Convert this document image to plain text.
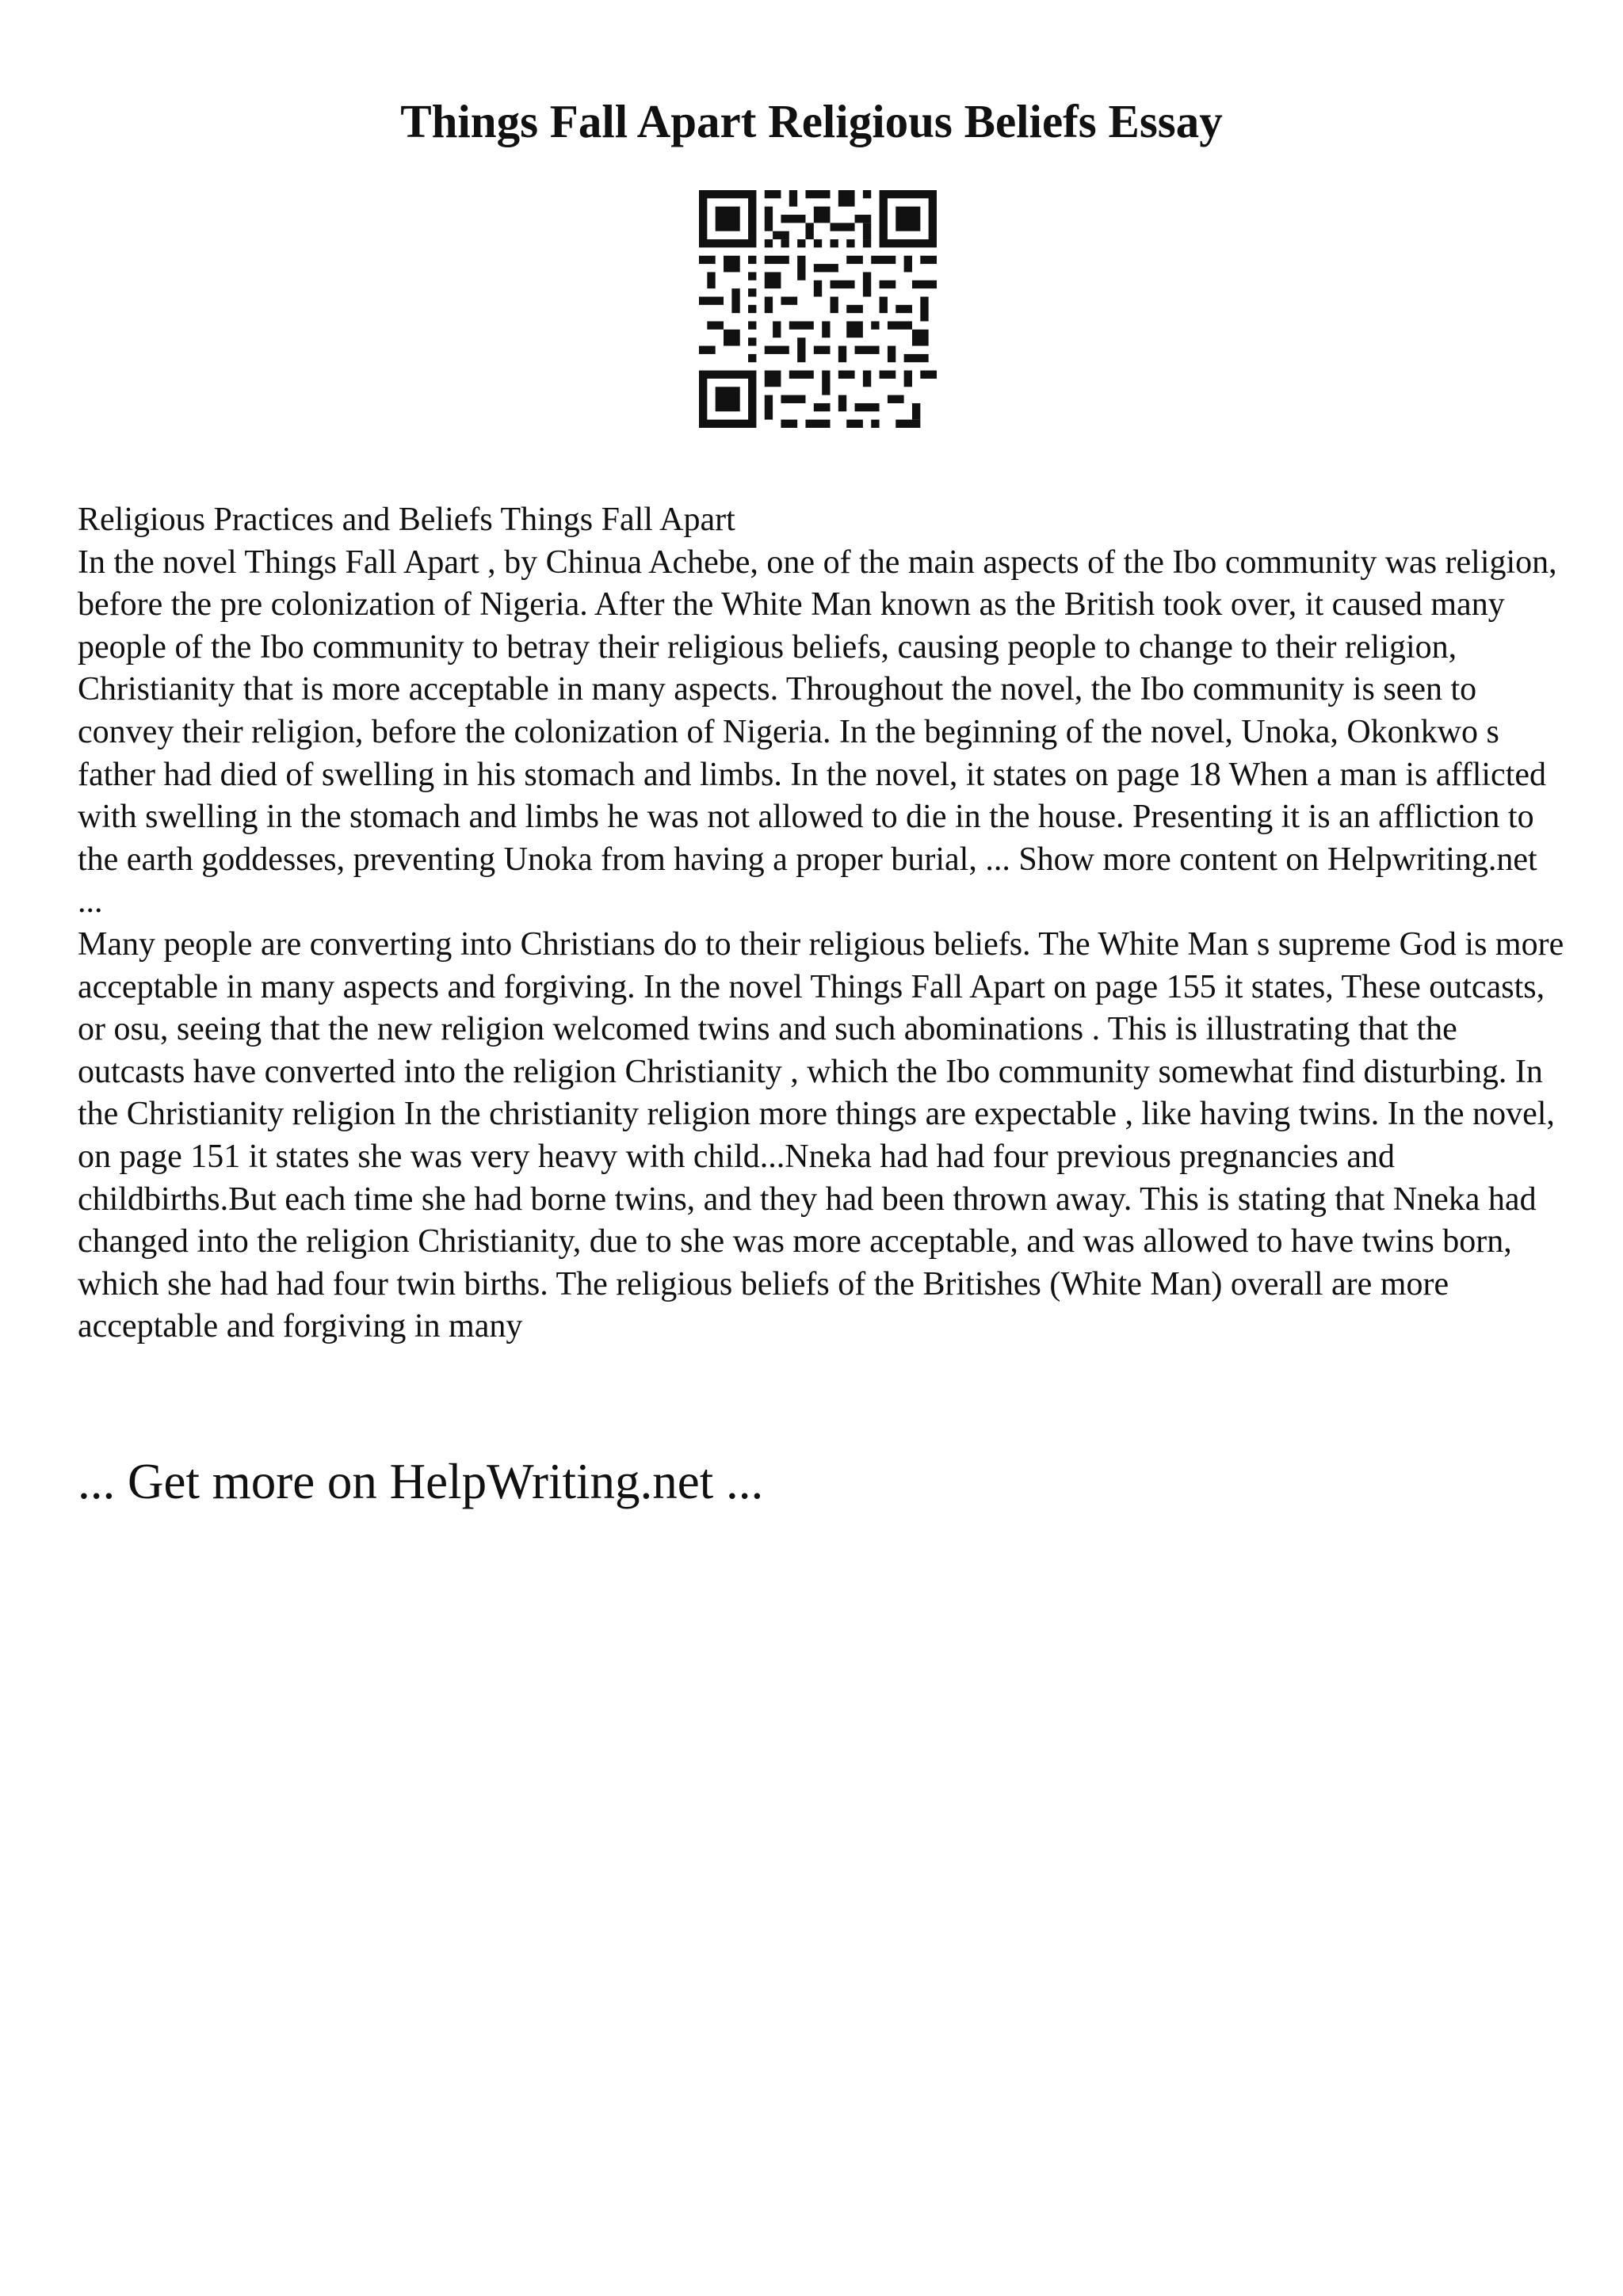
Things Fall Apart Religious Beliefs Essay

Religious Practices and Beliefs Things Fall Apart

In the novel Things Fall Apart , by Chinua Achebe, one of the main aspects of the Ibo community was religion, before the pre colonization of Nigeria. After the White Man known as the British took over, it caused many people of the Ibo community to betray their religious beliefs, causing people to change to their religion, Christianity that is more acceptable in many aspects. Throughout the novel, the Ibo community is seen to convey their religion, before the colonization of Nigeria. In the beginning of the novel, Unoka, Okonkwo s father had died of swelling in his stomach and limbs. In the novel, it states on page 18 When a man is afflicted with swelling in the stomach and limbs he was not allowed to die in the house. Presenting it is an affliction to the earth goddesses, preventing Unoka from having a proper burial, ... Show more content on Helpwriting.net ...

Many people are converting into Christians do to their religious beliefs. The White Man s supreme God is more acceptable in many aspects and forgiving. In the novel Things Fall Apart on page 155 it states, These outcasts, or osu, seeing that the new religion welcomed twins and such abominations . This is illustrating that the outcasts have converted into the religion Christianity , which the Ibo community somewhat find disturbing. In the Christianity religion In the christianity religion more things are expectable , like having twins. In the novel, on page 151 it states she was very heavy with child...Nneka had had four previous pregnancies and childbirths.But each time she had borne twins, and they had been thrown away. This is stating that Nneka had changed into the religion Christianity, due to she was more acceptable, and was allowed to have twins born, which she had had four twin births. The religious beliefs of the Britishes (White Man) overall are more acceptable and forgiving in many

... Get more on HelpWriting.net ...
